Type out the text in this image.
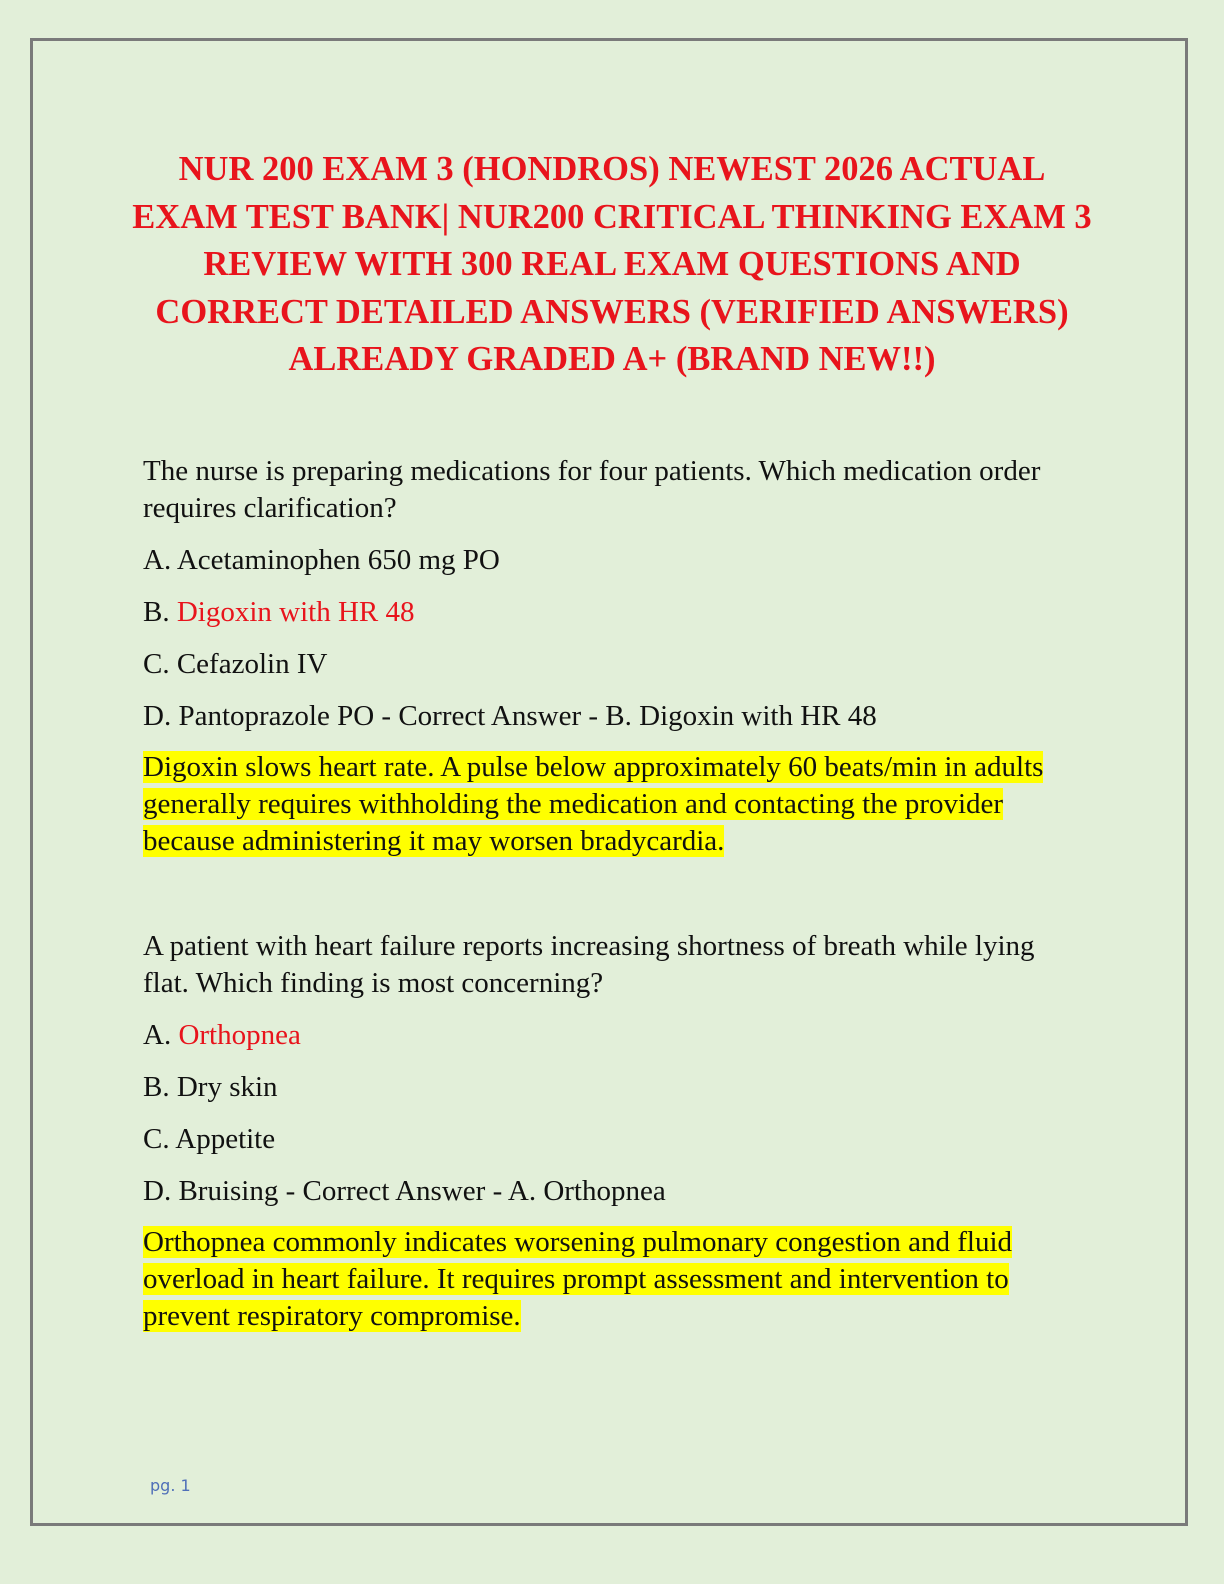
NUR 200 EXAM 3 (HONDROS) NEWEST 2026 ACTUAL EXAM TEST BANK| NUR200 CRITICAL THINKING EXAM 3 REVIEW WITH 300 REAL EXAM QUESTIONS AND CORRECT DETAILED ANSWERS (VERIFIED ANSWERS) ALREADY GRADED A+ (BRAND NEW!!)

The nurse is preparing medications for four patients. Which medication order requires clarification?

A. Acetaminophen 650 mg PO

B. Digoxin with HR 48

C. Cefazolin IV

D. Pantoprazole PO - Correct Answer - B. Digoxin with HR 48

Digoxin slows heart rate. A pulse below approximately 60 beats/min in adults generally requires withholding the medication and contacting the provider because administering it may worsen bradycardia.

A patient with heart failure reports increasing shortness of breath while lying flat. Which finding is most concerning?

A. Orthopnea

B. Dry skin

C. Appetite

D. Bruising - Correct Answer - A. Orthopnea

Orthopnea commonly indicates worsening pulmonary congestion and fluid overload in heart failure. It requires prompt assessment and intervention to prevent respiratory compromise.

pg. 1
